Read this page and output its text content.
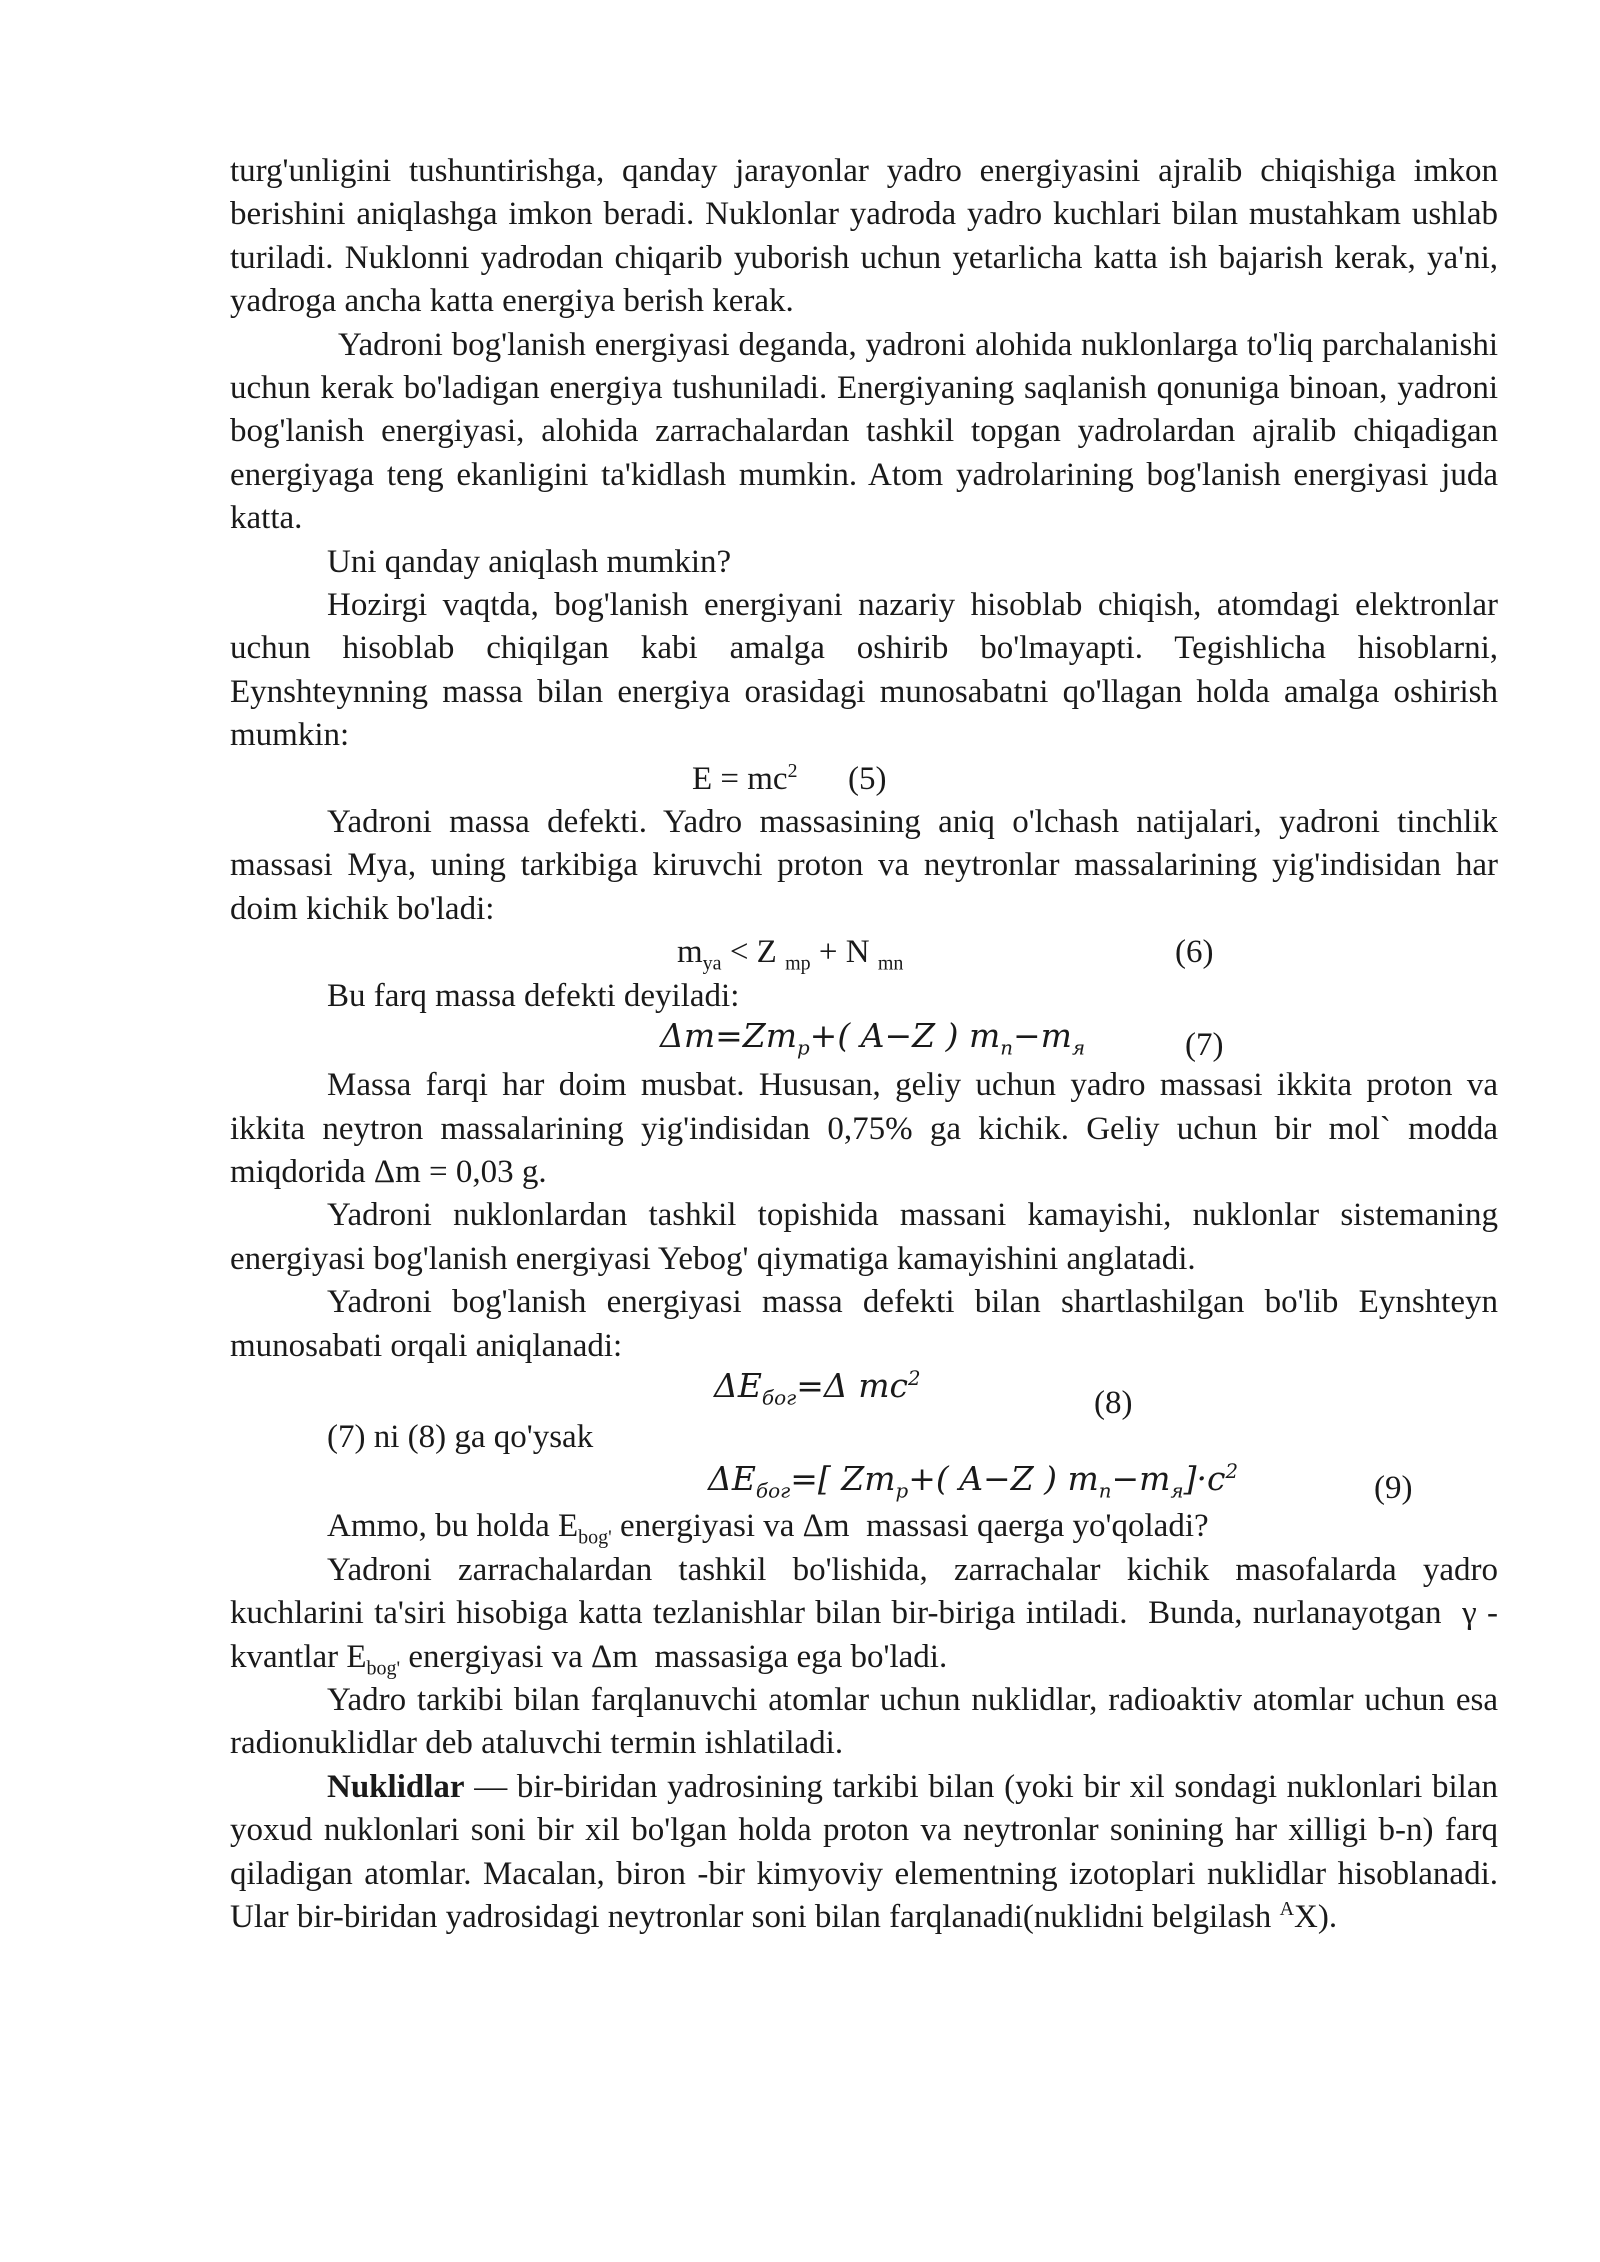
turg'unligini tushuntirishga, qanday jarayonlar yadro energiyasini ajralib chiqishiga imkon berishini aniqlashga imkon beradi. Nuklonlar yadroda yadro kuchlari bilan mustahkam ushlab turiladi. Nuklonni yadrodan chiqarib yuborish uchun yetarlicha katta ish bajarish kerak, ya'ni, yadroga ancha katta energiya berish kerak.

Yadroni bog'lanish energiyasi deganda, yadroni alohida nuklonlarga to'liq parchalanishi uchun kerak bo'ladigan energiya tushuniladi. Energiyaning saqlanish qonuniga binoan, yadroni bog'lanish energiyasi, alohida zarrachalardan tashkil topgan yadrolardan ajralib chiqadigan energiyaga teng ekanligini ta'kidlash mumkin. Atom yadrolarining bog'lanish energiyasi juda katta.

Uni qanday aniqlash mumkin?

Hozirgi vaqtda, bog'lanish energiyani nazariy hisoblab chiqish, atomdagi elektronlar uchun hisoblab chiqilgan kabi amalga oshirib bo'lmayapti. Tegishlicha hisoblarni, Eynshteynning massa bilan energiya orasidagi munosabatni qo'llagan holda amalga oshirish mumkin:

$E = mc^2$ (5)

Yadroni massa defekti. Yadro massasining aniq o'lchash natijalari, yadroni tinchlik massasi Mya, uning tarkibiga kiruvchi proton va neytronlar massalarining yig'indisidan har doim kichik bo'ladi:

$m_{ya} < Z$ $_{mp}$ + N $_{mn}$	(6)

Bu farq massa defekti deyiladi:

$\Delta m=Zm_p+$( A−Z ) $m_n-m_я$	(7)

Massa farqi har doim musbat. Hususan, geliy uchun yadro massasi ikkita proton va ikkita neytron massalarining yig'indisidan 0,75% ga kichik. Geliy uchun bir mol` modda miqdorida Δm = 0,03 g.

Yadroni nuklonlardan tashkil topishida massani kamayishi, nuklonlar sistemaning energiyasi bog'lanish energiyasi Yebog' qiymatiga kamayishini anglatadi.

Yadroni bog'lanish energiyasi massa defekti bilan shartlashilgan bo'lib Eynshteyn munosabati orqali aniqlanadi:

$\Delta E_{бог}=\Delta$ $mc^2$
(8)
(7) ni (8) ga qo'ysak
$\Delta E_{бог}=$[ $Zm_p+$( A−Z ) $m_n-m_я]\cdot c^2$	(9)

Ammo, bu holda $E_{bog'}$ energiyasi va Δm  massasi qaerga yo'qoladi?

Yadroni zarrachalardan tashkil bo'lishida, zarrachalar kichik masofalarda yadro kuchlarini ta'siri hisobiga katta tezlanishlar bilan bir-biriga intiladi.  Bunda, nurlanayotgan  γ -kvantlar $E_{bog'}$ energiyasi va Δm  massasiga ega bo'ladi.

Yadro tarkibi bilan farqlanuvchi atomlar uchun nuklidlar, radioaktiv atomlar uchun esa radionuklidlar deb ataluvchi termin ishlatiladi.

Nuklidlar — bir-biridan yadrosining tarkibi bilan (yoki bir xil sondagi nuklonlari bilan yoxud nuklonlari soni bir xil bo'lgan holda proton va neytronlar sonining har xilligi b-n) farq qiladigan atomlar. Macalan, biron -bir kimyoviy elementning izotoplari nuklidlar hisoblanadi. Ular bir-biridan yadrosidagi neytronlar soni bilan farqlanadi(nuklidni belgilash $^A$X).
